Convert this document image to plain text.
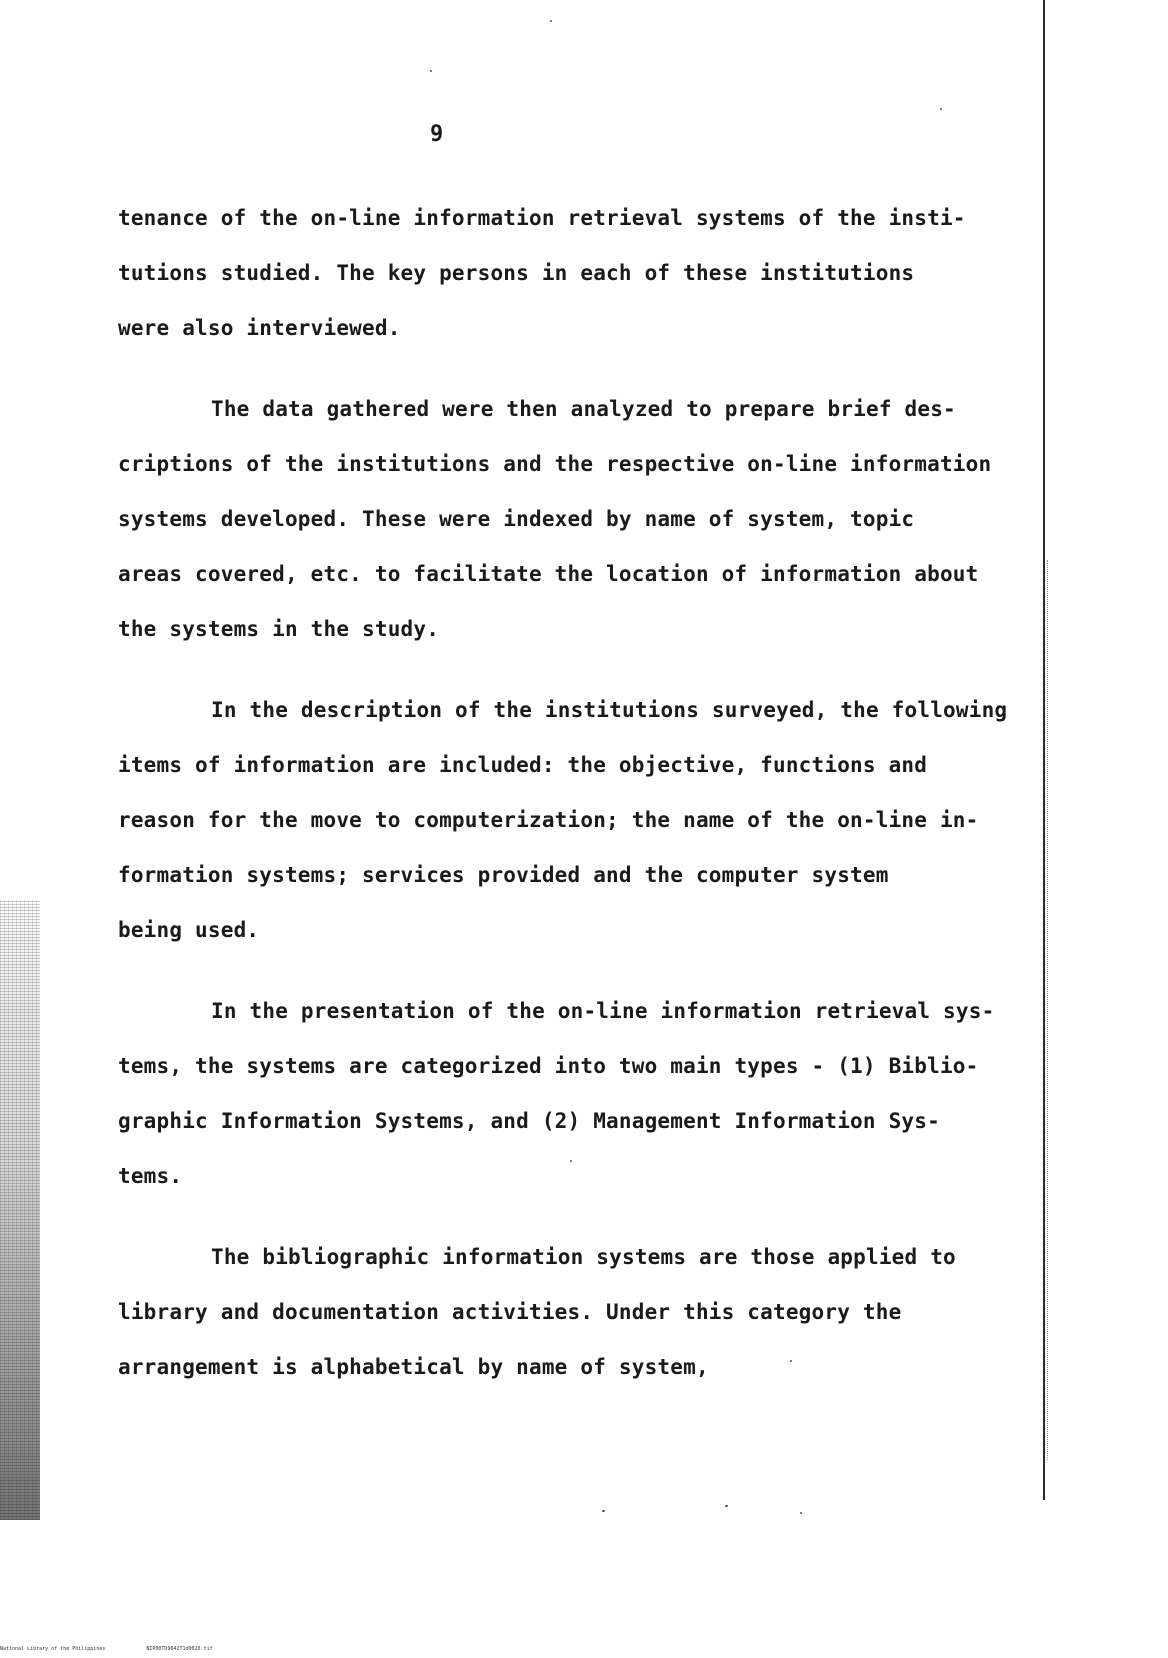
9
tenance of the on-line information retrieval systems of the insti-
tutions studied. The key persons in each of these institutions
were also interviewed.
The data gathered were then analyzed to prepare brief des-
criptions of the institutions and the respective on-line information
systems developed. These were indexed by name of system, topic
areas covered, etc. to facilitate the location of information about
the systems in the study.
In the description of the institutions surveyed, the following
items of information are included: the objective, functions and
reason for the move to computerization; the name of the on-line in-
formation systems; services provided and the computer system
being used.
In the presentation of the on-line information retrieval sys-
tems, the systems are categorized into two main types - (1) Biblio-
graphic Information Systems, and (2) Management Information Sys-
tems.
The bibliographic information systems are those applied to
library and documentation activities. Under this category the
arrangement is alphabetical by name of system,
National Library of the Philippines	NIP00TD9642T1d0020.tif
